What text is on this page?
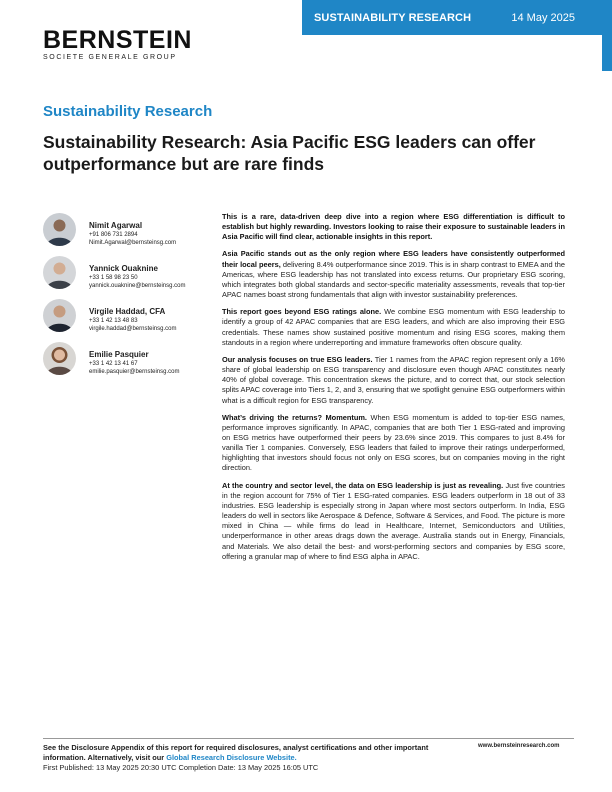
SUSTAINABILITY RESEARCH	14 May 2025
BERNSTEIN
SOCIETE GENERALE GROUP
Sustainability Research
Sustainability Research: Asia Pacific ESG leaders can offer outperformance but are rare finds
Nimit Agarwal
+91 806 731 2894
Nimit.Agarwal@bernsteinsg.com
Yannick Ouaknine
+33 1 58 98 23 50
yannick.ouaknine@bernsteinsg.com
Virgile Haddad, CFA
+33 1 42 13 48 83
virgile.haddad@bernsteinsg.com
Emilie Pasquier
+33 1 42 13 41 67
emilie.pasquier@bernsteinsg.com

This is a rare, data-driven deep dive into a region where ESG differentiation is difficult to establish but highly rewarding. Investors looking to raise their exposure to sustainable leaders in Asia Pacific will find clear, actionable insights in this report.

Asia Pacific stands out as the only region where ESG leaders have consistently outperformed their local peers, delivering 8.4% outperformance since 2019. This is in sharp contrast to EMEA and the Americas, where ESG leadership has not translated into excess returns. Our proprietary ESG scoring, which integrates both global standards and sector-specific materiality assessments, reveals that top-tier APAC names boast strong fundamentals that align with investor sustainability preferences.

This report goes beyond ESG ratings alone. We combine ESG momentum with ESG leadership to identify a group of 42 APAC companies that are ESG leaders, and which are also improving their ESG credentials. These names show sustained positive momentum and rising ESG scores, making them standouts in a region where underreporting and immature frameworks often obscure quality.

Our analysis focuses on true ESG leaders. Tier 1 names from the APAC region represent only a 16% share of global leadership on ESG transparency and disclosure even though APAC constitutes nearly 40% of global coverage. This concentration skews the picture, and to correct that, our stock selection splits APAC coverage into Tiers 1, 2, and 3, ensuring that we spotlight genuine ESG outperformers within what is a difficult region for ESG transparency.

What’s driving the returns? Momentum. When ESG momentum is added to top-tier ESG names, performance improves significantly. In APAC, companies that are both Tier 1 ESG-rated and improving on ESG metrics have outperformed their peers by 23.6% since 2019. This compares to just 8.4% for vanilla Tier 1 companies. Conversely, ESG leaders that failed to improve their ratings underperformed, highlighting that investors should focus not only on ESG scores, but on companies moving in the right direction.

At the country and sector level, the data on ESG leadership is just as revealing. Just five countries in the region account for 75% of Tier 1 ESG-rated companies. ESG leaders outperform in 18 out of 33 industries. ESG leadership is especially strong in Japan where most sectors outperform. In India, ESG leaders do well in sectors like Aerospace & Defence, Software & Services, and Food. The picture is more mixed in China — while firms do lead in Healthcare, Internet, Semiconductors and Utilities, underperformance in other areas drags down the average. Australia stands out in Energy, Financials, and Materials. We also detail the best- and worst-performing sectors and companies by ESG score, offering a granular map of where to find ESG alpha in APAC.

See the Disclosure Appendix of this report for required disclosures, analyst certifications and other important information. Alternatively, visit our Global Research Disclosure Website.
First Published: 13 May 2025 20:30 UTC Completion Date: 13 May 2025 16:05 UTC
www.bernsteinresearch.com
